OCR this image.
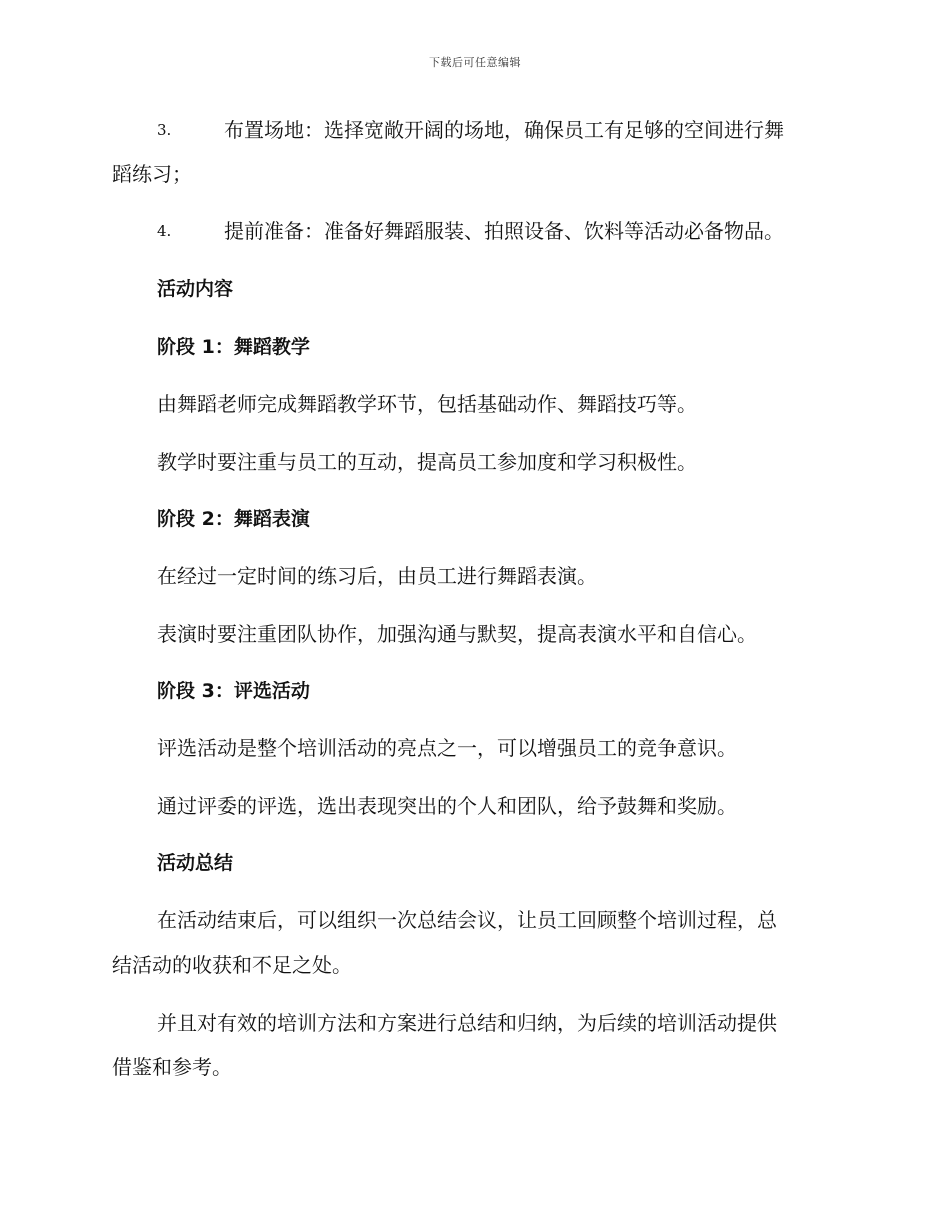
下载后可任意编辑
3.	布置场地：选择宽敞开阔的场地，确保员工有足够的空间进行舞
蹈练习；
4.	提前准备：准备好舞蹈服装、拍照设备、饮料等活动必备物品。
活动内容
阶段 1：舞蹈教学
由舞蹈老师完成舞蹈教学环节，包括基础动作、舞蹈技巧等。
教学时要注重与员工的互动，提高员工参加度和学习积极性。
阶段 2：舞蹈表演
在经过一定时间的练习后，由员工进行舞蹈表演。
表演时要注重团队协作，加强沟通与默契，提高表演水平和自信心。
阶段 3：评选活动
评选活动是整个培训活动的亮点之一，可以增强员工的竞争意识。
通过评委的评选，选出表现突出的个人和团队，给予鼓舞和奖励。
活动总结
在活动结束后，可以组织一次总结会议，让员工回顾整个培训过程，总
结活动的收获和不足之处。
并且对有效的培训方法和方案进行总结和归纳，为后续的培训活动提供
借鉴和参考。
